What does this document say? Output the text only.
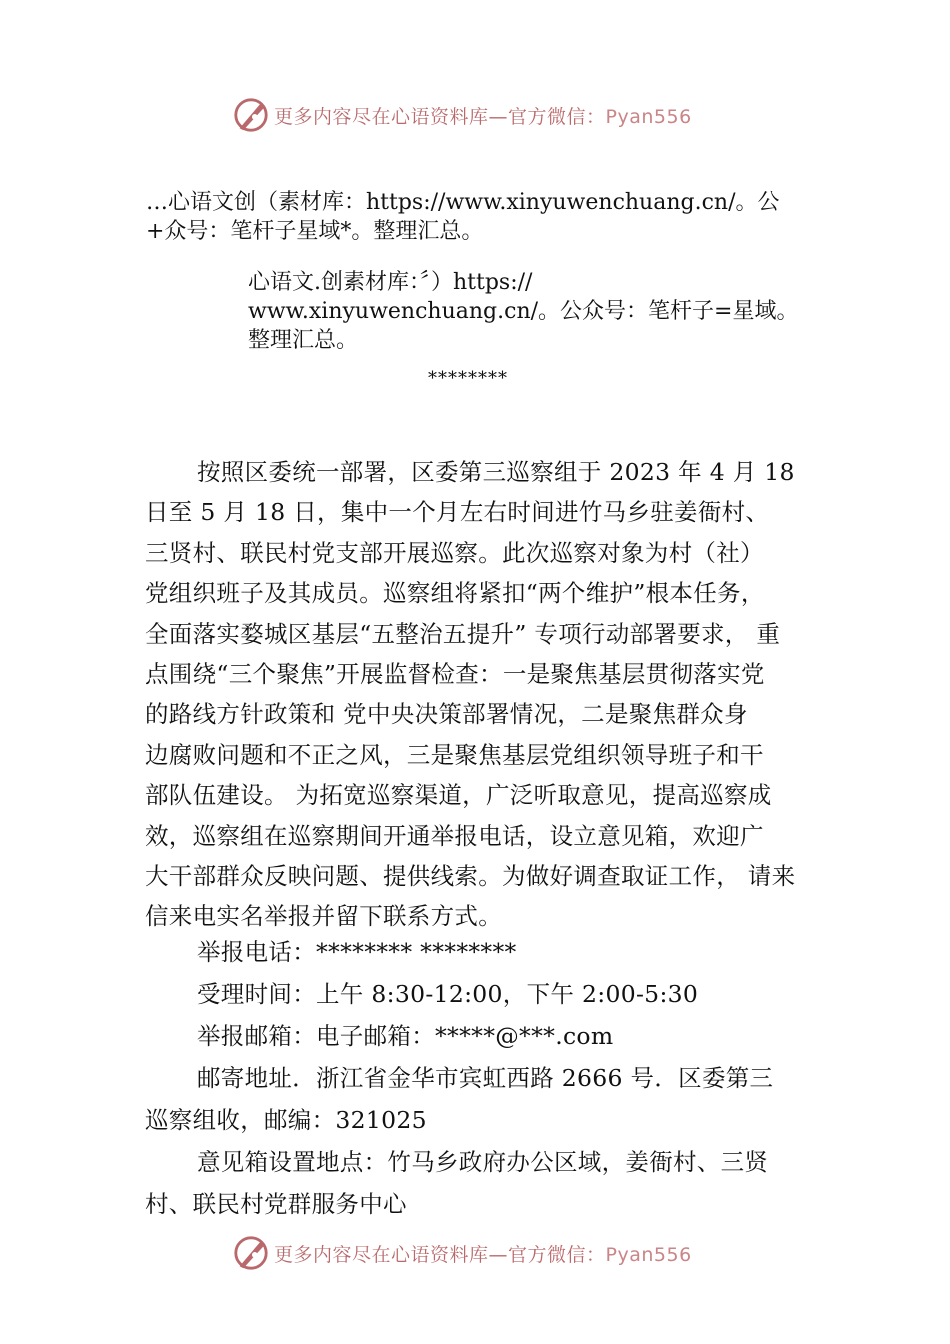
更多内容尽在心语资料库—官方微信：Pyan556
…心语文创（素材库：https://www.xinyuwenchuang.cn/。公
+众号：笔杆子星域*。整理汇总。
心语文.创素材库：〞）https://
www.xinyuwenchuang.cn/。公众号：笔杆子=星域。
整理汇总。
********
按照区委统一部署，区委第三巡察组于 2023 年 4 月 18
日至 5 月 18 日，集中一个月左右时间进竹马乡驻姜衙村、
三贤村、联民村党支部开展巡察。此次巡察对象为村（社）
党组织班子及其成员。巡察组将紧扣“两个维护”根本任务，
全面落实婺城区基层“五整治五提升” 专项行动部署要求， 重
点围绕“三个聚焦”开展监督检查：一是聚焦基层贯彻落实党
的路线方针政策和 党中央决策部署情况，二是聚焦群众身
边腐败问题和不正之风，三是聚焦基层党组织领导班子和干
部队伍建设。 为拓宽巡察渠道，广泛听取意见，提高巡察成
效，巡察组在巡察期间开通举报电话，设立意见箱，欢迎广
大干部群众反映问题、提供线索。为做好调查取证工作， 请来
信来电实名举报并留下联系方式。
举报电话：******** ********
受理时间：上午 8:30-12:00，下午 2:00-5:30
举报邮箱：电子邮箱：*****@***.com
邮寄地址．浙江省金华市宾虹西路 2666 号．区委第三
巡察组收，邮编：321025
意见箱设置地点：竹马乡政府办公区域，姜衙村、三贤
村、联民村党群服务中心
更多内容尽在心语资料库—官方微信：Pyan556
